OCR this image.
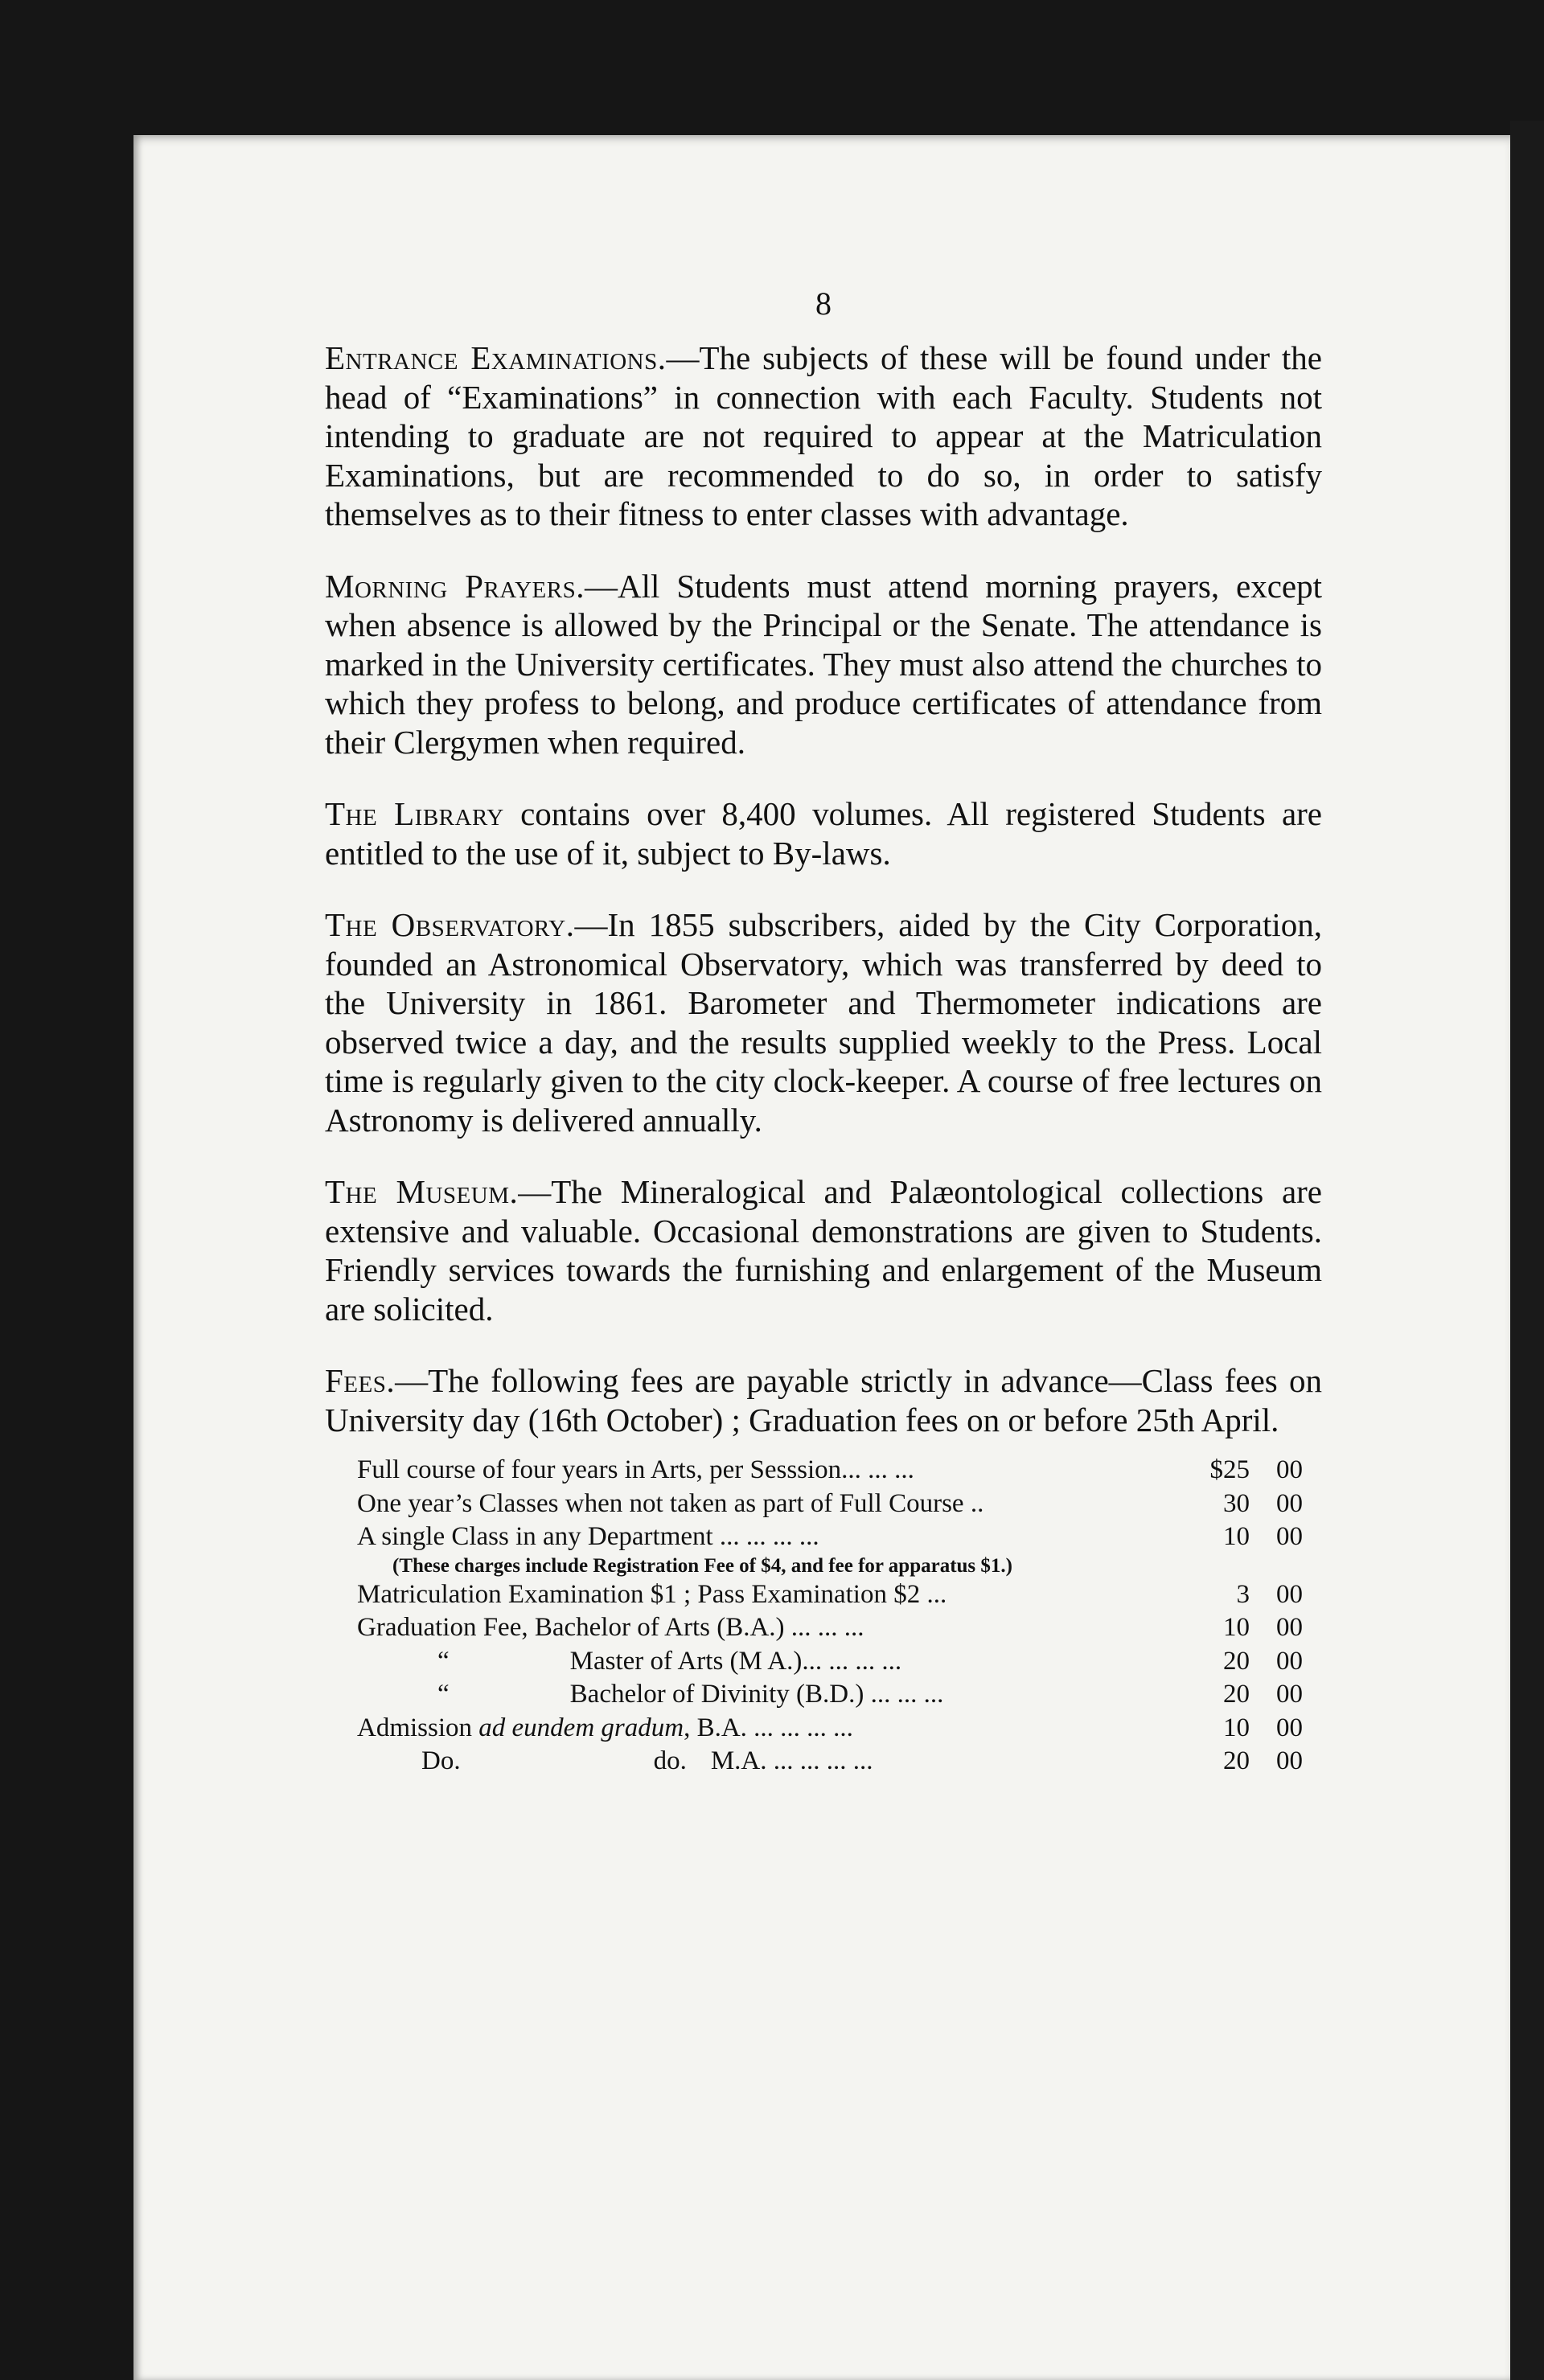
8

Entrance Examinations.—The subjects of these will be found under the head of “Examinations” in connection with each Faculty. Students not intending to graduate are not required to appear at the Matriculation Examinations, but are recommended to do so, in order to satisfy themselves as to their fitness to enter classes with advantage.

Morning Prayers.—All Students must attend morning prayers, except when absence is allowed by the Principal or the Senate. The attendance is marked in the University certificates. They must also attend the churches to which they profess to belong, and produce certificates of attendance from their Clergymen when required.

The Library contains over 8,400 volumes. All registered Students are entitled to the use of it, subject to By-laws.

The Observatory.—In 1855 subscribers, aided by the City Corporation, founded an Astronomical Observatory, which was transferred by deed to the University in 1861. Barometer and Thermometer indications are observed twice a day, and the results supplied weekly to the Press. Local time is regularly given to the city clock-keeper. A course of free lectures on Astronomy is delivered annually.

The Museum.—The Mineralogical and Palæontological collections are extensive and valuable. Occasional demonstrations are given to Students. Friendly services towards the furnishing and enlargement of the Museum are solicited.

Fees.—The following fees are payable strictly in advance—Class fees on University day (16th October) ; Graduation fees on or before 25th April.

Full course of four years in Arts, per Sesssion... ... ...	$25	00
One year’s Classes when not taken as part of Full Course ..	30	00
A single Class in any Department ... ... ... ...	10	00
(These charges include Registration Fee of $4, and fee for apparatus $1.)		
Matriculation Examination $1 ; Pass Examination $2 ...	3	00
Graduation Fee, Bachelor of Arts (B.A.) ... ... ...	10	00
“ Master of Arts (M A.)... ... ... ...	20	00
“ Bachelor of Divinity (B.D.) ... ... ...	20	00
Admission ad eundem gradum, B.A. ... ... ... ...	10	00
Do. do. M.A. ... ... ... ...	20	00
